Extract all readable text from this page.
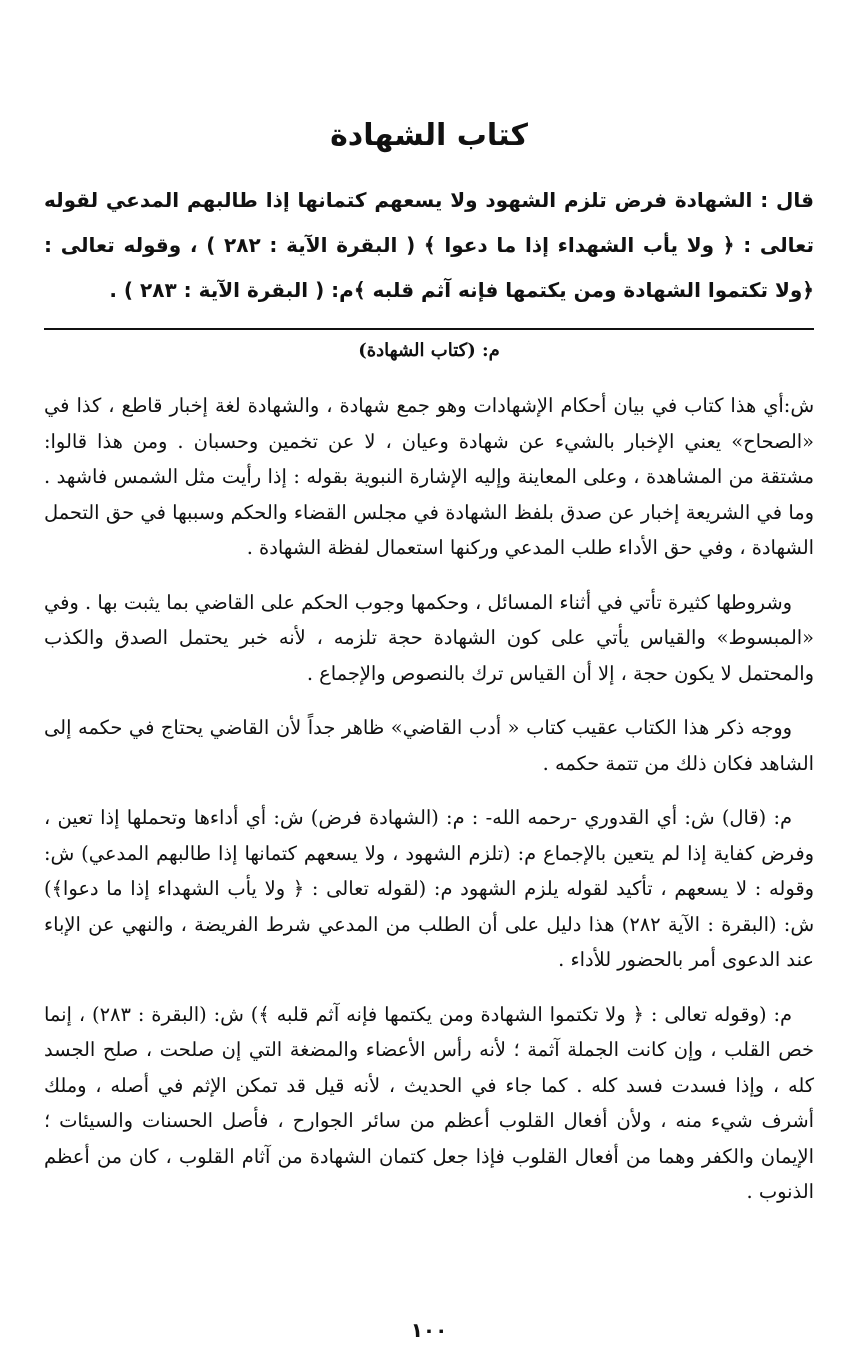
كتاب الشهادة

قال : الشهادة فرض تلزم الشهود ولا يسعهم كتمانها إذا طالبهم المدعي لقوله تعالى : ﴿ ولا يأب الشهداء إذا ما دعوا ﴾ ( البقرة الآية : ٢٨٢ ) ، وقوله تعالى : ﴿ولا تكتموا الشهادة ومن يكتمها فإنه آثم قلبه ﴾م: ( البقرة الآية : ٢٨٣ ) .

م: (كتاب الشهادة)

ش:أي هذا كتاب في بيان أحكام الإشهادات وهو جمع شهادة ، والشهادة لغة إخبار قاطع ، كذا في «الصحاح» يعني الإخبار بالشيء عن شهادة وعيان ، لا عن تخمين وحسبان . ومن هذا قالوا: مشتقة من المشاهدة ، وعلى المعاينة وإليه الإشارة النبوية بقوله : إذا رأيت مثل الشمس فاشهد . وما في الشريعة إخبار عن صدق بلفظ الشهادة في مجلس القضاء والحكم وسببها في حق التحمل الشهادة ، وفي حق الأداء طلب المدعي وركنها استعمال لفظة الشهادة .

وشروطها كثيرة تأتي في أثناء المسائل ، وحكمها وجوب الحكم على القاضي بما يثبت بها . وفي «المبسوط» والقياس يأتي على كون الشهادة حجة تلزمه ، لأنه خبر يحتمل الصدق والكذب والمحتمل لا يكون حجة ، إلا أن القياس ترك بالنصوص والإجماع .

ووجه ذكر هذا الكتاب عقيب كتاب « أدب القاضي» ظاهر جداً لأن القاضي يحتاج في حكمه إلى الشاهد فكان ذلك من تتمة حكمه .

م: (قال) ش: أي القدوري -رحمه الله- : م: (الشهادة فرض) ش: أي أداءها وتحملها إذا تعين ، وفرض كفاية إذا لم يتعين بالإجماع م: (تلزم الشهود ، ولا يسعهم كتمانها إذا طالبهم المدعي) ش: وقوله : لا يسعهم ، تأكيد لقوله يلزم الشهود م: (لقوله تعالى : ﴿ ولا يأب الشهداء إذا ما دعوا﴾) ش: (البقرة : الآية ٢٨٢) هذا دليل على أن الطلب من المدعي شرط الفريضة ، والنهي عن الإباء عند الدعوى أمر بالحضور للأداء .

م: (وقوله تعالى : ﴿ ولا تكتموا الشهادة ومن يكتمها فإنه آثم قلبه ﴾) ش: (البقرة : ٢٨٣) ، إنما خص القلب ، وإن كانت الجملة آثمة ؛ لأنه رأس الأعضاء والمضغة التي إن صلحت ، صلح الجسد كله ، وإذا فسدت فسد كله . كما جاء في الحديث ، لأنه قيل قد تمكن الإثم في أصله ، وملك أشرف شيء منه ، ولأن أفعال القلوب أعظم من سائر الجوارح ، فأصل الحسنات والسيئات ؛ الإيمان والكفر وهما من أفعال القلوب فإذا جعل كتمان الشهادة من آثام القلوب ، كان من أعظم الذنوب .

١٠٠
